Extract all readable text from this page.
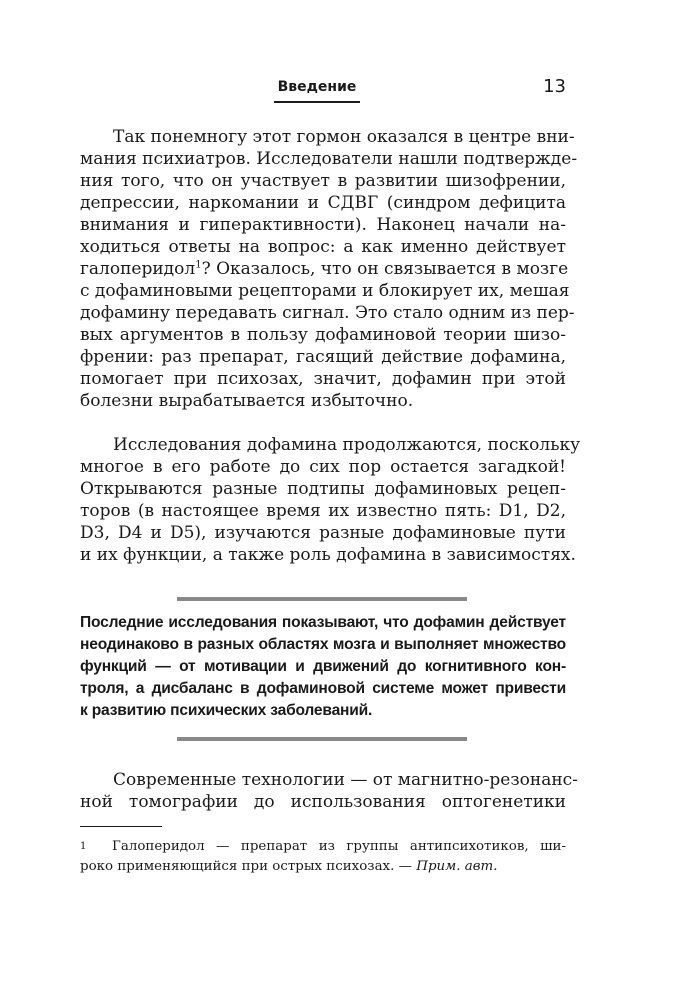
Введение	13

Так понемногу этот гормон оказался в центре вни-
мания психиатров. Исследователи нашли подтвержде-
ния того, что он участвует в развитии шизофрении,
депрессии, наркомании и СДВГ (синдром дефицита
внимания и гиперактивности). Наконец начали на-
ходиться ответы на вопрос: а как именно действует
галоперидол$^1$? Оказалось, что он связывается в мозге
с дофаминовыми рецепторами и блокирует их, мешая
дофамину передавать сигнал. Это стало одним из пер-
вых аргументов в пользу дофаминовой теории шизо-
френии: раз препарат, гасящий действие дофамина,
помогает при психозах, значит, дофамин при этой
болезни вырабатывается избыточно.

Исследования дофамина продолжаются, поскольку
многое в его работе до сих пор остается загадкой!
Открываются разные подтипы дофаминовых рецеп-
торов (в настоящее время их известно пять: D1, D2,
D3, D4 и D5), изучаются разные дофаминовые пути
и их функции, а также роль дофамина в зависимостях.

Последние исследования показывают, что дофамин действует
неодинаково в разных областях мозга и выполняет множество
функций — от мотивации и движений до когнитивного кон-
троля, а дисбаланс в дофаминовой системе может привести
к развитию психических заболеваний.

Современные технологии — от магнитно-резонанс-
ной томографии до использования оптогенетики

1 Галоперидол — препарат из группы антипсихотиков, ши-
роко применяющийся при острых психозах. — Прим. авт.
